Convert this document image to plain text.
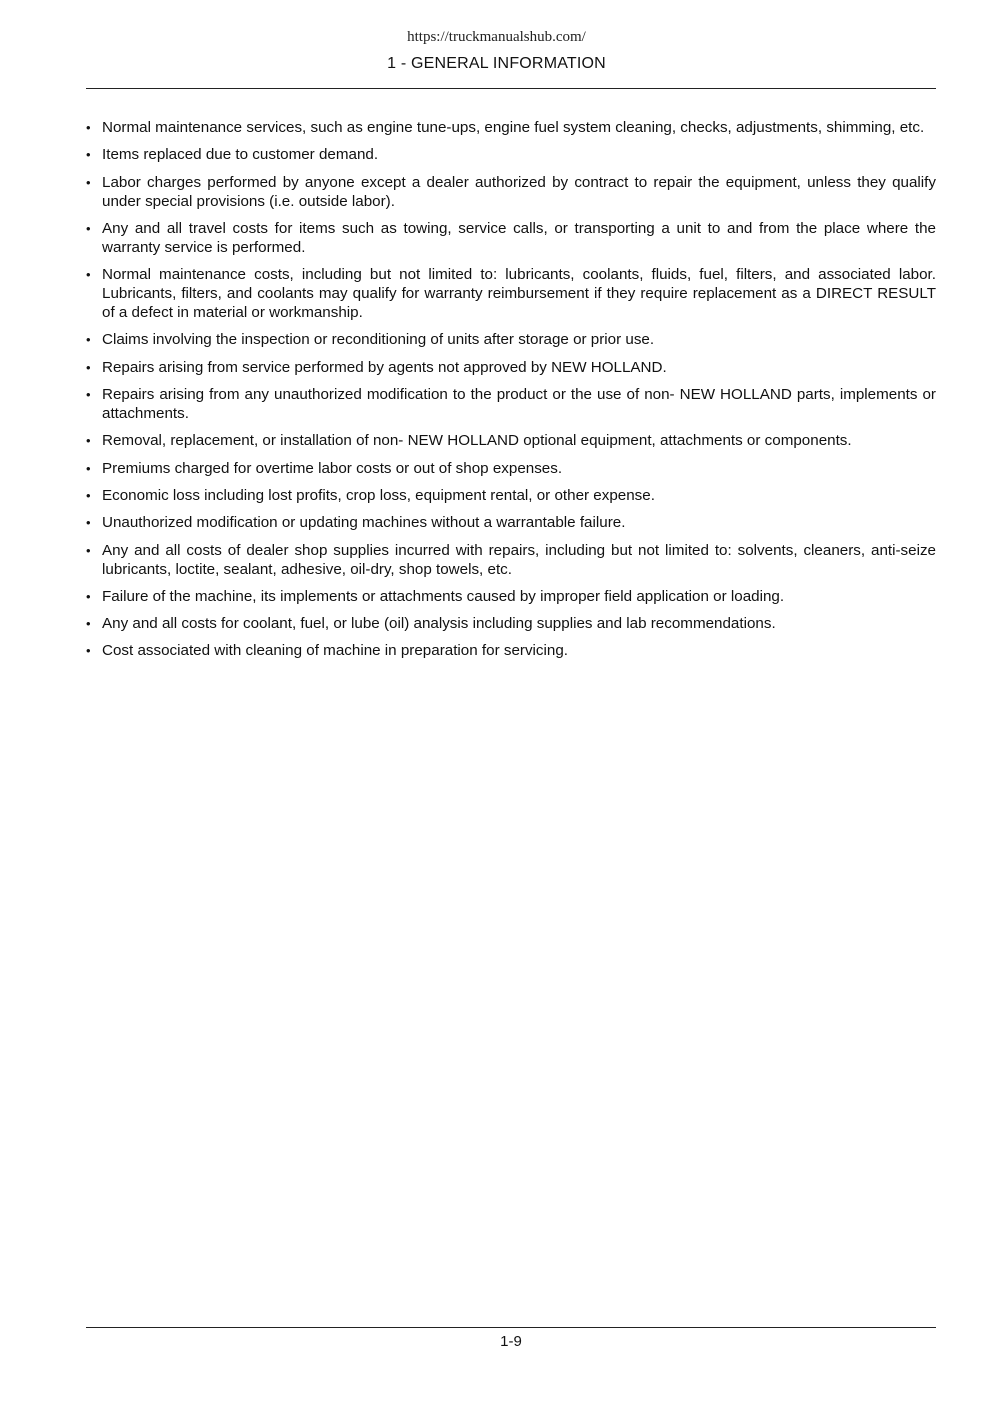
https://truckmanualshub.com/
1 - GENERAL INFORMATION
• Normal maintenance services, such as engine tune-ups, engine fuel system cleaning, checks, adjustments, shimming, etc.
• Items replaced due to customer demand.
• Labor charges performed by anyone except a dealer authorized by contract to repair the equipment, unless they qualify under special provisions (i.e. outside labor).
• Any and all travel costs for items such as towing, service calls, or transporting a unit to and from the place where the warranty service is performed.
• Normal maintenance costs, including but not limited to: lubricants, coolants, fluids, fuel, filters, and associated labor. Lubricants, filters, and coolants may qualify for warranty reimbursement if they require replacement as a DIRECT RESULT of a defect in material or workmanship.
• Claims involving the inspection or reconditioning of units after storage or prior use.
• Repairs arising from service performed by agents not approved by NEW HOLLAND.
• Repairs arising from any unauthorized modification to the product or the use of non- NEW HOLLAND parts, implements or attachments.
• Removal, replacement, or installation of non- NEW HOLLAND optional equipment, attachments or components.
• Premiums charged for overtime labor costs or out of shop expenses.
• Economic loss including lost profits, crop loss, equipment rental, or other expense.
• Unauthorized modification or updating machines without a warrantable failure.
• Any and all costs of dealer shop supplies incurred with repairs, including but not limited to: solvents, cleaners, anti-seize lubricants, loctite, sealant, adhesive, oil-dry, shop towels, etc.
• Failure of the machine, its implements or attachments caused by improper field application or loading.
• Any and all costs for coolant, fuel, or lube (oil) analysis including supplies and lab recommendations.
• Cost associated with cleaning of machine in preparation for servicing.
1-9
